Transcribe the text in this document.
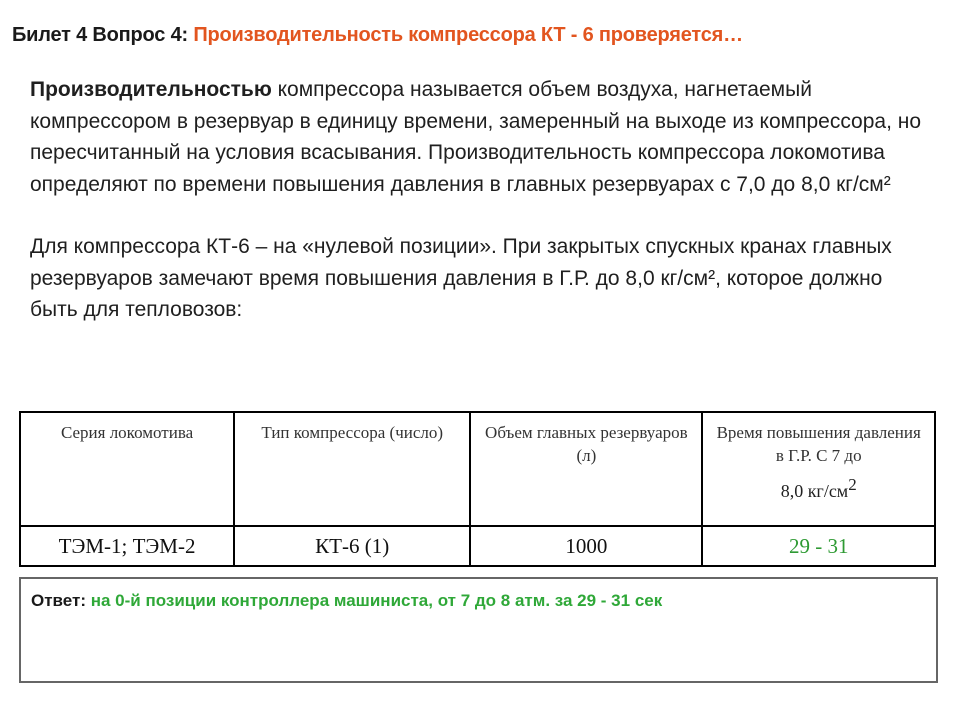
Билет 4 Вопрос 4: Производительность компрессора КТ - 6 проверяется…

Производительностью компрессора называется объем воздуха, нагнетаемый компрессором в резервуар в единицу времени, замеренный на выходе из компрессора, но пересчитанный на условия всасывания. Производительность компрессора локомотива определяют по времени повышения давления в главных резервуарах с 7,0 до 8,0 кг/см²

Для компрессора КТ-6 – на «нулевой позиции». При закрытых спускных кранах главных резервуаров замечают время повышения давления в Г.Р. до 8,0 кг/см², которое должно быть для тепловозов:

Серия локомотива	Тип компрессора (число)	Объем главных резервуаров (л)	Время повышения давления в Г.Р. С 7 до
8,0 $кг/см^2$
ТЭМ-1; ТЭМ-2	КТ-6 (1)	1000	29 - 31
Ответ: на 0-й позиции контроллера машиниста, от 7 до 8 атм. за 29 - 31 сек
